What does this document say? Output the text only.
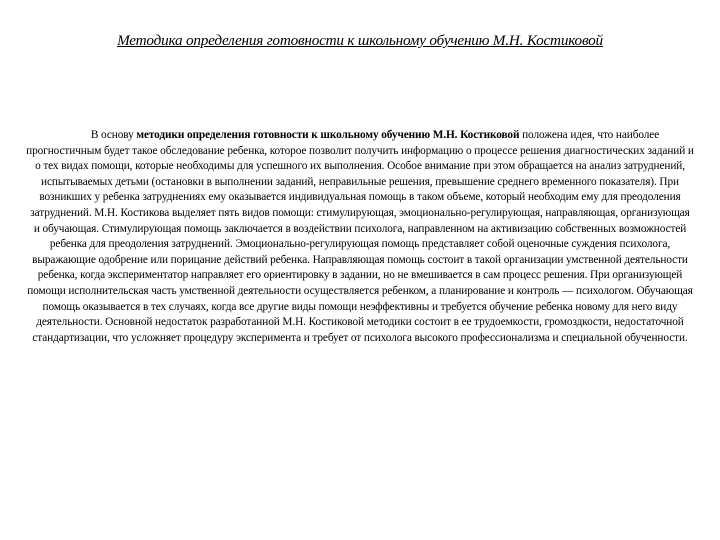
Методика определения готовности к школьному обучению М.Н. Костиковой

В основу методики определения готовности к школьному обучению М.Н. Костиковой положена идея, что наиболее прогностичным будет такое обследование ребенка, которое позволит получить информацию о процессе решения диагностических заданий и о тех видах помощи, которые необходимы для успешного их выполнения. Особое внимание при этом обращается на анализ затруднений, испытываемых детьми (остановки в выполнении заданий, неправильные решения, превышение среднего временного показателя). При возникших у ребенка затруднениях ему оказывается индивидуальная помощь в таком объеме, который необходим ему для преодоления затруднений. М.Н. Костикова выделяет пять видов помощи: стимулирующая, эмоционально-регулирующая, направляющая, организующая и обучающая. Стимулирующая помощь заключается в воздействии психолога, направленном на активизацию собственных возможностей ребенка для преодоления затруднений. Эмоционально-регулирующая помощь представляет собой оценочные суждения психолога, выражающие одобрение или порицание действий ребенка. Направляющая помощь состоит в такой организации умственной деятельности ребенка, когда экспериментатор направляет его ориентировку в задании, но не вмешивается в сам процесс решения. При организующей помощи исполнительская часть умственной деятельности осуществляется ребенком, а планирование и контроль — психологом. Обучающая помощь оказывается в тех случаях, когда все другие виды помощи неэффективны и требуется обучение ребенка новому для него виду деятельности. Основной недостаток разработанной М.Н. Костиковой методики состоит в ее трудоемкости, громоздкости, недостаточной стандартизации, что усложняет процедуру эксперимента и требует от психолога высокого профессионализма и специальной обученности.
